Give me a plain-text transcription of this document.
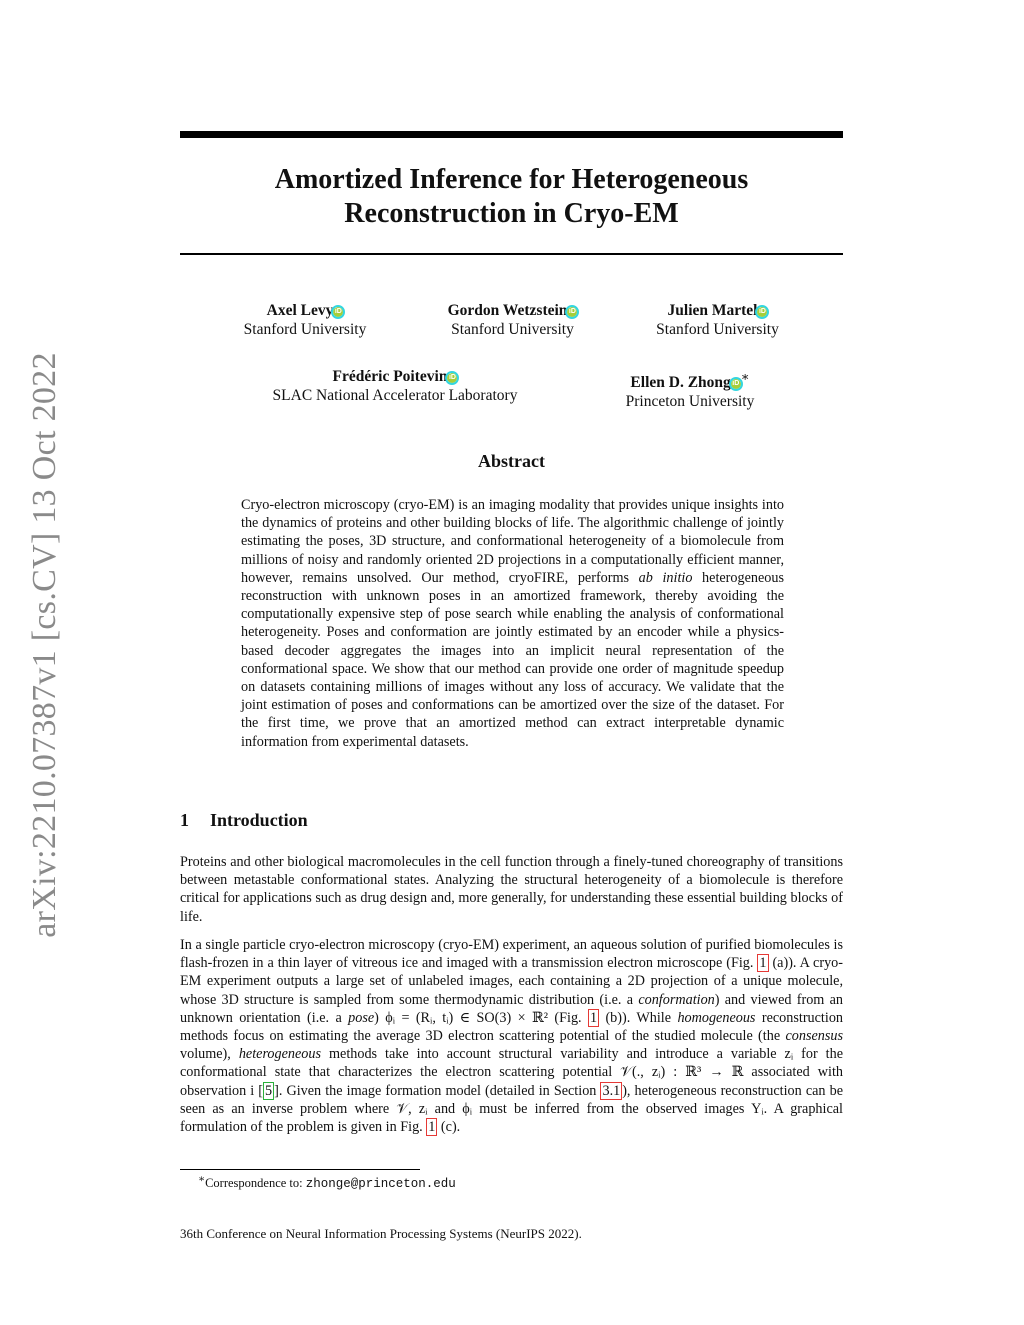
arXiv:2210.07387v1 [cs.CV] 13 Oct 2022
Amortized Inference for Heterogeneous
Reconstruction in Cryo-EM
Axel Levy iD
Stanford University
Gordon Wetzstein iD
Stanford University
Julien Martel iD
Stanford University
Frédéric Poitevin iD
SLAC National Accelerator Laboratory
Ellen D. Zhong iD ∗
Princeton University
Abstract
Cryo-electron microscopy (cryo-EM) is an imaging modality that provides unique insights into the dynamics of proteins and other building blocks of life. The algorithmic challenge of jointly estimating the poses, 3D structure, and conformational heterogeneity of a biomolecule from millions of noisy and randomly oriented 2D projections in a computationally efficient manner, however, remains unsolved. Our method, cryoFIRE, performs ab initio heterogeneous reconstruction with unknown poses in an amortized framework, thereby avoiding the computationally expensive step of pose search while enabling the analysis of conformational heterogeneity. Poses and conformation are jointly estimated by an encoder while a physics-based decoder aggregates the images into an implicit neural representation of the conformational space. We show that our method can provide one order of magnitude speedup on datasets containing millions of images without any loss of accuracy. We validate that the joint estimation of poses and conformations can be amortized over the size of the dataset. For the first time, we prove that an amortized method can extract interpretable dynamic information from experimental datasets.
1 Introduction
Proteins and other biological macromolecules in the cell function through a finely-tuned choreography of transitions between metastable conformational states. Analyzing the structural heterogeneity of a biomolecule is therefore critical for applications such as drug design and, more generally, for understanding these essential building blocks of life.
In a single particle cryo-electron microscopy (cryo-EM) experiment, an aqueous solution of purified biomolecules is flash-frozen in a thin layer of vitreous ice and imaged with a transmission electron microscope (Fig. 1 (a)). A cryo-EM experiment outputs a large set of unlabeled images, each containing a 2D projection of a unique molecule, whose 3D structure is sampled from some thermodynamic distribution (i.e. a conformation) and viewed from an unknown orientation (i.e. a pose) ϕᵢ = (Rᵢ, tᵢ) ∈ SO(3) × ℝ² (Fig. 1 (b)). While homogeneous reconstruction methods focus on estimating the average 3D electron scattering potential of the studied molecule (the consensus volume), heterogeneous methods take into account structural variability and introduce a variable zᵢ for the conformational state that characterizes the electron scattering potential 𝒱(., zᵢ) : ℝ³ → ℝ associated with observation i [ 5 ]. Given the image formation model (detailed in Section 3.1 ), heterogeneous reconstruction can be seen as an inverse problem where 𝒱, zᵢ and ϕᵢ must be inferred from the observed images Yᵢ. A graphical formulation of the problem is given in Fig. 1 (c).
∗Correspondence to: zhonge@princeton.edu
36th Conference on Neural Information Processing Systems (NeurIPS 2022).
